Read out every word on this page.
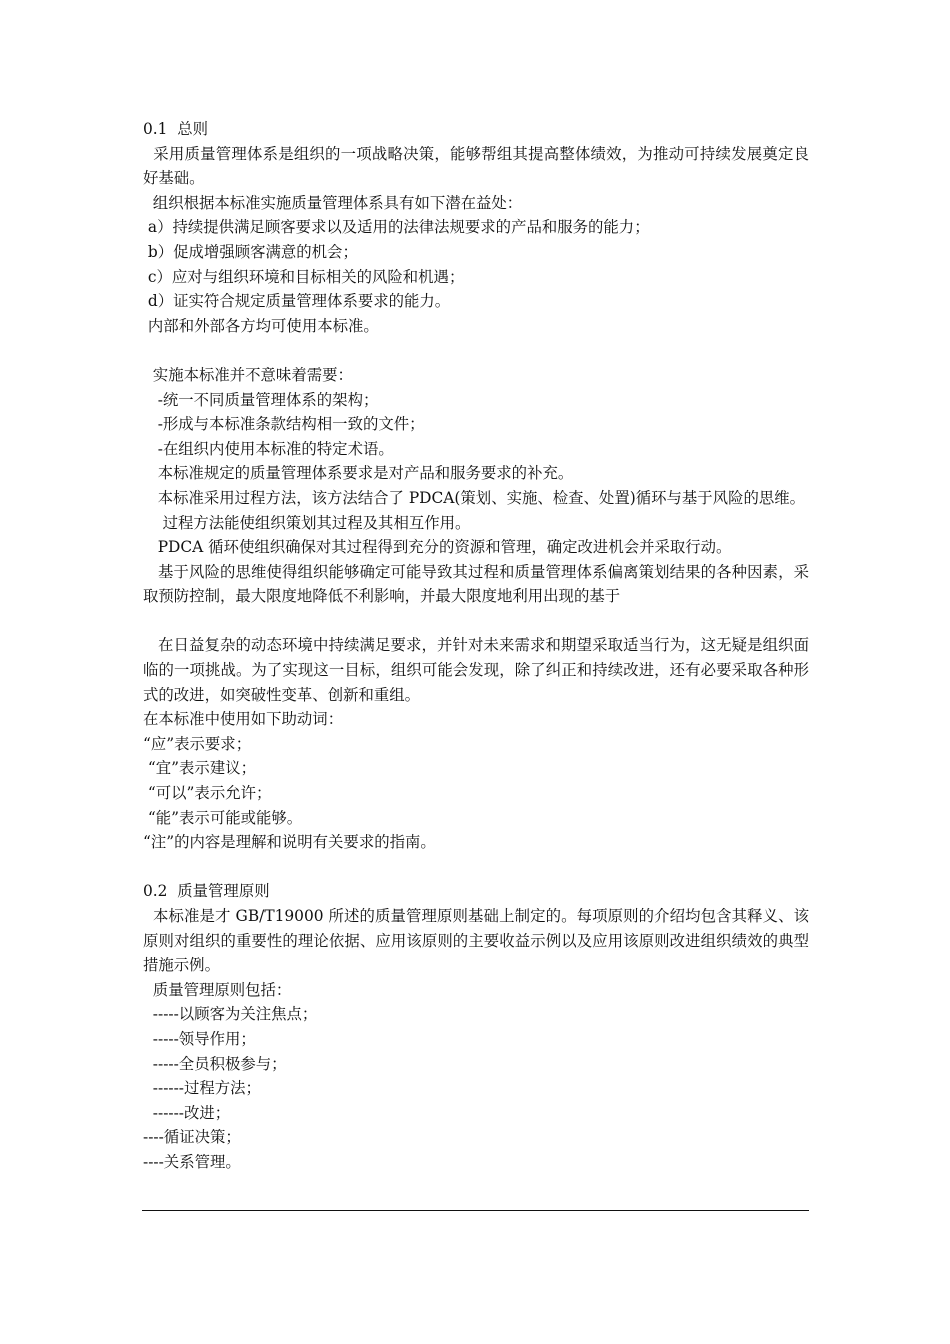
0.1  总则

采用质量管理体系是组织的一项战略决策，能够帮组其提高整体绩效，为推动可持续发展奠定良好基础。

组织根据本标准实施质量管理体系具有如下潜在益处：

a）持续提供满足顾客要求以及适用的法律法规要求的产品和服务的能力；

b）促成增强顾客满意的机会；

c）应对与组织环境和目标相关的风险和机遇；

d）证实符合规定质量管理体系要求的能力。

内部和外部各方均可使用本标准。

实施本标准并不意味着需要：

-统一不同质量管理体系的架构；

-形成与本标准条款结构相一致的文件；

-在组织内使用本标准的特定术语。

本标准规定的质量管理体系要求是对产品和服务要求的补充。

本标准采用过程方法，该方法结合了 PDCA(策划、实施、检查、处置)循环与基于风险的思维。

过程方法能使组织策划其过程及其相互作用。

PDCA 循环使组织确保对其过程得到充分的资源和管理，确定改进机会并采取行动。

基于风险的思维使得组织能够确定可能导致其过程和质量管理体系偏离策划结果的各种因素，采取预防控制，最大限度地降低不利影响，并最大限度地利用出现的基于

在日益复杂的动态环境中持续满足要求，并针对未来需求和期望采取适当行为，这无疑是组织面临的一项挑战。为了实现这一目标，组织可能会发现，除了纠正和持续改进，还有必要采取各种形式的改进，如突破性变革、创新和重组。

在本标准中使用如下助动词：

“应”表示要求；

“宜”表示建议；

“可以”表示允许；

“能”表示可能或能够。

“注”的内容是理解和说明有关要求的指南。

0.2  质量管理原则

本标准是才 GB/T19000 所述的质量管理原则基础上制定的。每项原则的介绍均包含其释义、该原则对组织的重要性的理论依据、应用该原则的主要收益示例以及应用该原则改进组织绩效的典型措施示例。

质量管理原则包括：

-----以顾客为关注焦点；

-----领导作用；

-----全员积极参与；

------过程方法；

------改进；

----循证决策；

----关系管理。
